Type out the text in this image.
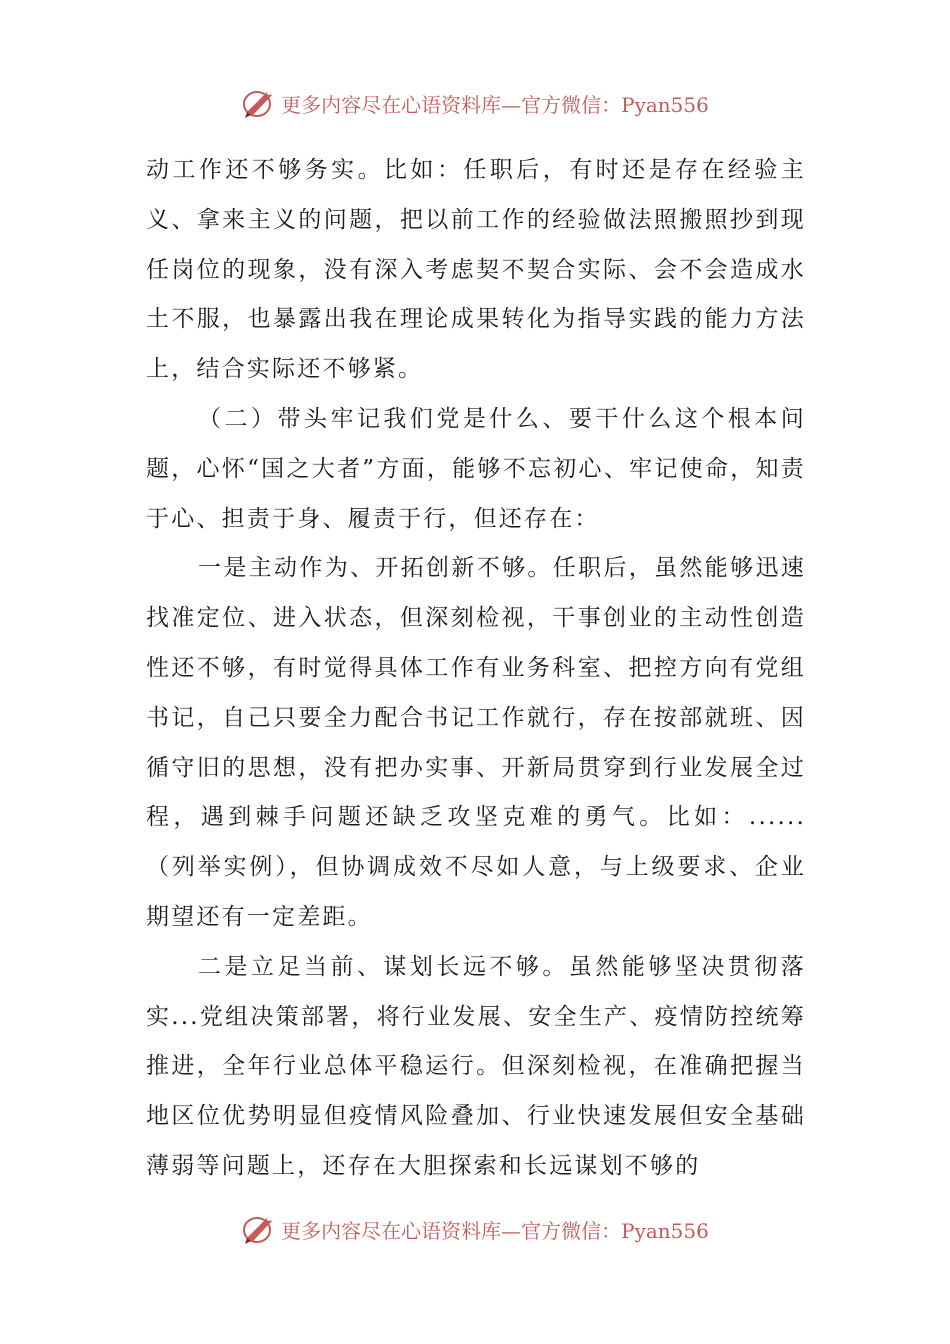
更多内容尽在心语资料库—官方微信：Pyan556

动工作还不够务实。比如：任职后，有时还是存在经验主义、拿来主义的问题，把以前工作的经验做法照搬照抄到现任岗位的现象，没有深入考虑契不契合实际、会不会造成水土不服，也暴露出我在理论成果转化为指导实践的能力方法上，结合实际还不够紧。

（二）带头牢记我们党是什么、要干什么这个根本问题，心怀“国之大者”方面，能够不忘初心、牢记使命，知责于心、担责于身、履责于行，但还存在：

一是主动作为、开拓创新不够。任职后，虽然能够迅速找准定位、进入状态，但深刻检视，干事创业的主动性创造性还不够，有时觉得具体工作有业务科室、把控方向有党组书记，自己只要全力配合书记工作就行，存在按部就班、因循守旧的思想，没有把办实事、开新局贯穿到行业发展全过程，遇到棘手问题还缺乏攻坚克难的勇气。比如：......（列举实例），但协调成效不尽如人意，与上级要求、企业期望还有一定差距。

二是立足当前、谋划长远不够。虽然能够坚决贯彻落实...党组决策部署，将行业发展、安全生产、疫情防控统筹推进，全年行业总体平稳运行。但深刻检视，在准确把握当地区位优势明显但疫情风险叠加、行业快速发展但安全基础薄弱等问题上，还存在大胆探索和长远谋划不够的

更多内容尽在心语资料库—官方微信：Pyan556
